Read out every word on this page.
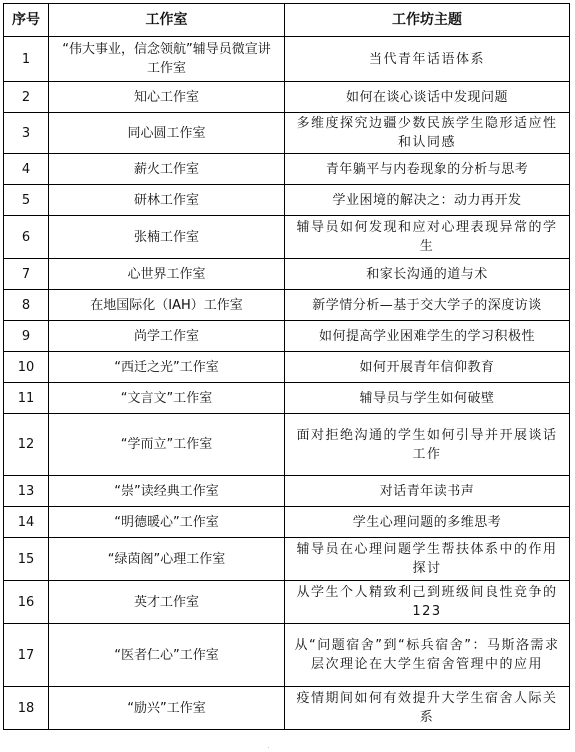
序号	工作室	工作坊主题
1	“伟大事业，信念领航”辅导员微宣讲工作室	当代青年话语体系
2	知心工作室	如何在谈心谈话中发现问题
3	同心圆工作室	多维度探究边疆少数民族学生隐形适应性和认同感
4	薪火工作室	青年躺平与内卷现象的分析与思考
5	研林工作室	学业困境的解决之：动力再开发
6	张楠工作室	辅导员如何发现和应对心理表现异常的学生
7	心世界工作室	和家长沟通的道与术
8	在地国际化（IAH）工作室	新学情分析—基于交大学子的深度访谈
9	尚学工作室	如何提高学业困难学生的学习积极性
10	“西迁之光”工作室	如何开展青年信仰教育
11	“文言文”工作室	辅导员与学生如何破壁
12	“学而立”工作室	面对拒绝沟通的学生如何引导并开展谈话工作
13	“崇”读经典工作室	对话青年读书声
14	“明德暖心”工作室	学生心理问题的多维思考
15	“绿茵阁”心理工作室	辅导员在心理问题学生帮扶体系中的作用探讨
16	英才工作室	从学生个人精致利己到班级间良性竞争的123
17	“医者仁心”工作室	从“问题宿舍”到“标兵宿舍”：马斯洛需求层次理论在大学生宿舍管理中的应用
18	“励兴”工作室	疫情期间如何有效提升大学生宿舍人际关系
·
